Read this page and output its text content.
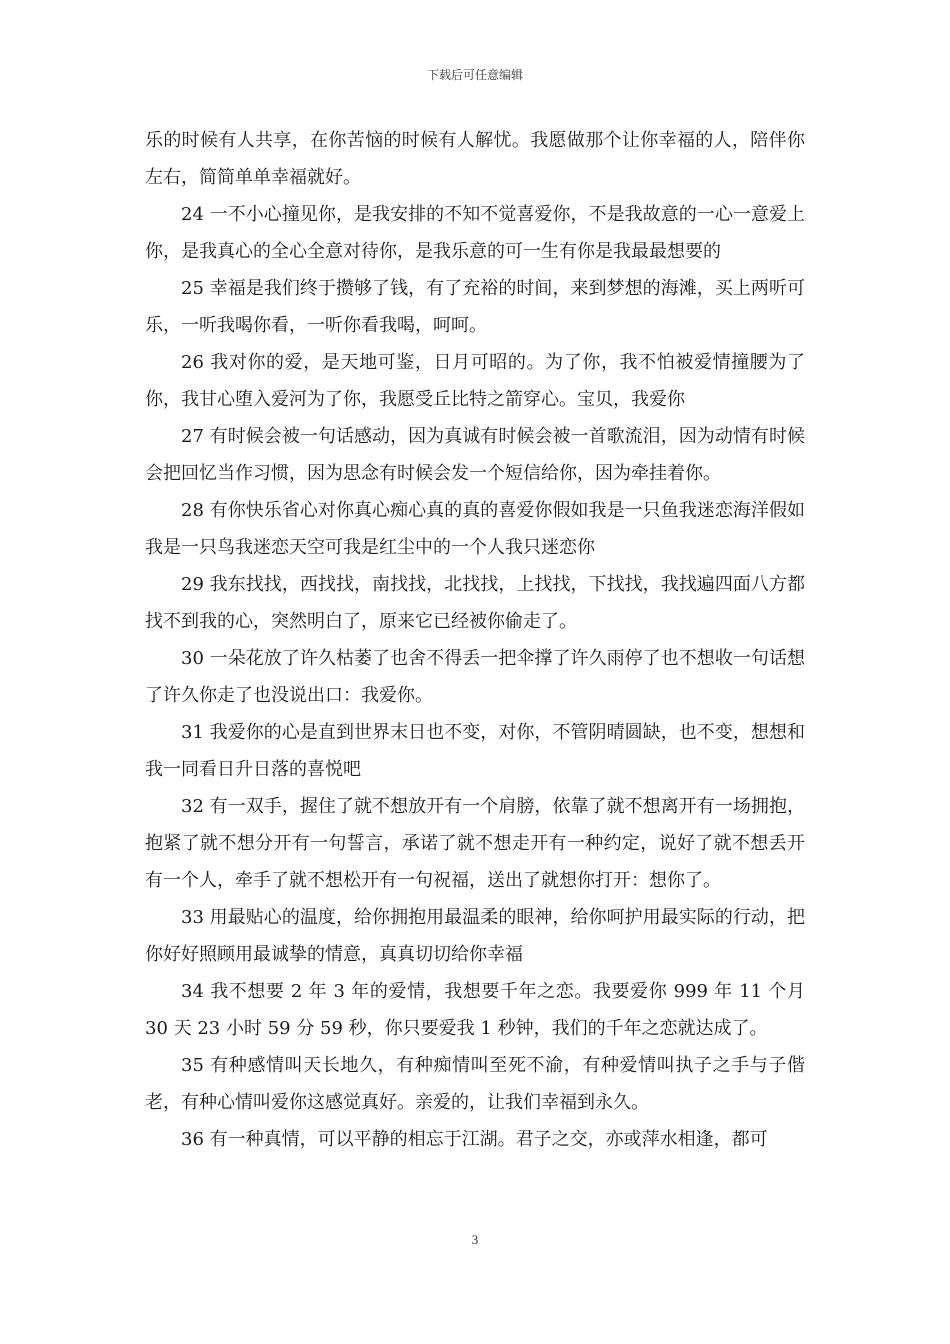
下载后可任意编辑

乐的时候有人共享，在你苦恼的时候有人解忧。我愿做那个让你幸福的人，陪伴你左右，简简单单幸福就好。

24 一不小心撞见你，是我安排的不知不觉喜爱你，不是我故意的一心一意爱上你，是我真心的全心全意对待你，是我乐意的可一生有你是我最最想要的

25 幸福是我们终于攒够了钱，有了充裕的时间，来到梦想的海滩，买上两听可乐，一听我喝你看，一听你看我喝，呵呵。

26 我对你的爱，是天地可鉴，日月可昭的。为了你，我不怕被爱情撞腰为了你，我甘心堕入爱河为了你，我愿受丘比特之箭穿心。宝贝，我爱你

27 有时候会被一句话感动，因为真诚有时候会被一首歌流泪，因为动情有时候会把回忆当作习惯，因为思念有时候会发一个短信给你，因为牵挂着你。

28 有你快乐省心对你真心痴心真的真的喜爱你假如我是一只鱼我迷恋海洋假如我是一只鸟我迷恋天空可我是红尘中的一个人我只迷恋你

29 我东找找，西找找，南找找，北找找，上找找，下找找，我找遍四面八方都找不到我的心，突然明白了，原来它已经被你偷走了。

30 一朵花放了许久枯萎了也舍不得丢一把伞撑了许久雨停了也不想收一句话想了许久你走了也没说出口：我爱你。

31 我爱你的心是直到世界末日也不变，对你，不管阴晴圆缺，也不变，想想和我一同看日升日落的喜悦吧

32 有一双手，握住了就不想放开有一个肩膀，依靠了就不想离开有一场拥抱，抱紧了就不想分开有一句誓言，承诺了就不想走开有一种约定，说好了就不想丢开有一个人，牵手了就不想松开有一句祝福，送出了就想你打开：想你了。

33 用最贴心的温度，给你拥抱用最温柔的眼神，给你呵护用最实际的行动，把你好好照顾用最诚挚的情意，真真切切给你幸福

34 我不想要 2 年 3 年的爱情，我想要千年之恋。我要爱你 999 年 11 个月 30 天 23 小时 59 分 59 秒，你只要爱我 1 秒钟，我们的千年之恋就达成了。

35 有种感情叫天长地久，有种痴情叫至死不渝，有种爱情叫执子之手与子偕老，有种心情叫爱你这感觉真好。亲爱的，让我们幸福到永久。

36 有一种真情，可以平静的相忘于江湖。君子之交，亦或萍水相逢，都可

3
